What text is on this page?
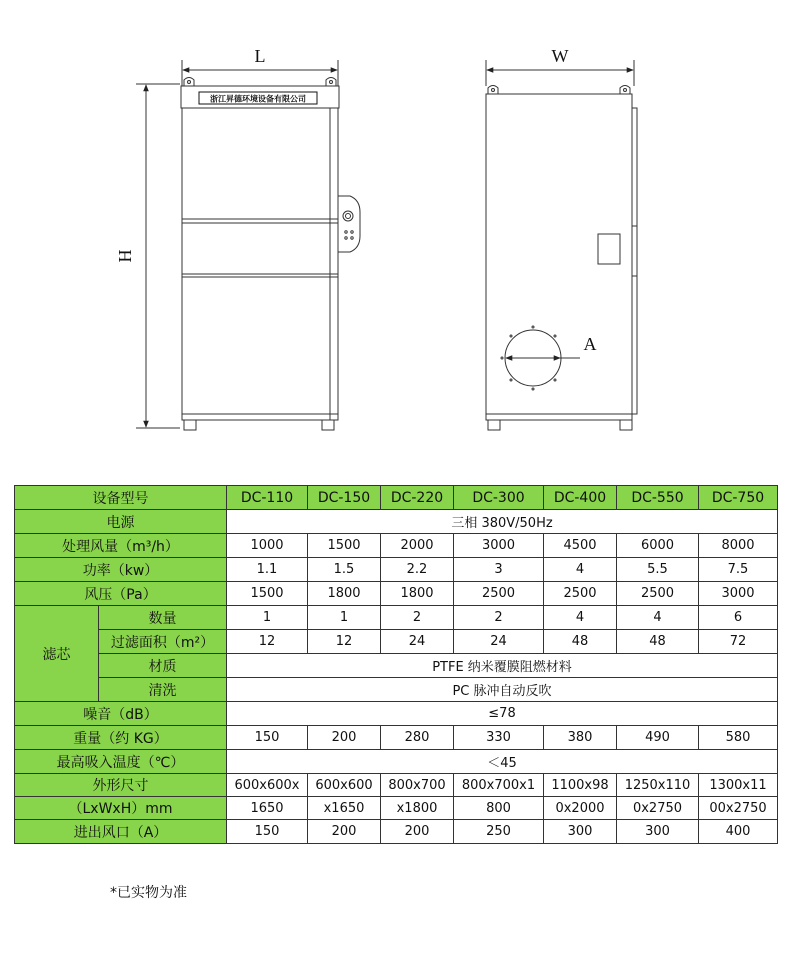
L	W
H
A
浙江昇德环境设备有限公司
设备型号		DC-110	DC-150	DC-220	DC-300	DC-400	DC-550	DC-750
电源		三相 380V/50Hz						
处理风量（m³/h）		1000	1500	2000	3000	4500	6000	8000
功率（kw）		1.1	1.5	2.2	3	4	5.5	7.5
风压（Pa）		1500	1800	1800	2500	2500	2500	3000
滤芯	数量	1	1	2	2	4	4	6
	过滤面积（m²）	12	12	24	24	48	48	72
	材质	PTFE 纳米覆膜阻燃材料						
	清洗	PC 脉冲自动反吹						
噪音（dB）		≤78						
重量（约 KG）		150	200	280	330	380	490	580
最高吸入温度（℃）		＜45						
外形尺寸		600x600x	600x600	800x700	800x700x1	1100x98	1250x110	1300x11
（LxWxH）mm		1650	x1650	x1800	800	0x2000	0x2750	00x2750
进出风口（A）		150	200	200	250	300	300	400
*已实物为准
